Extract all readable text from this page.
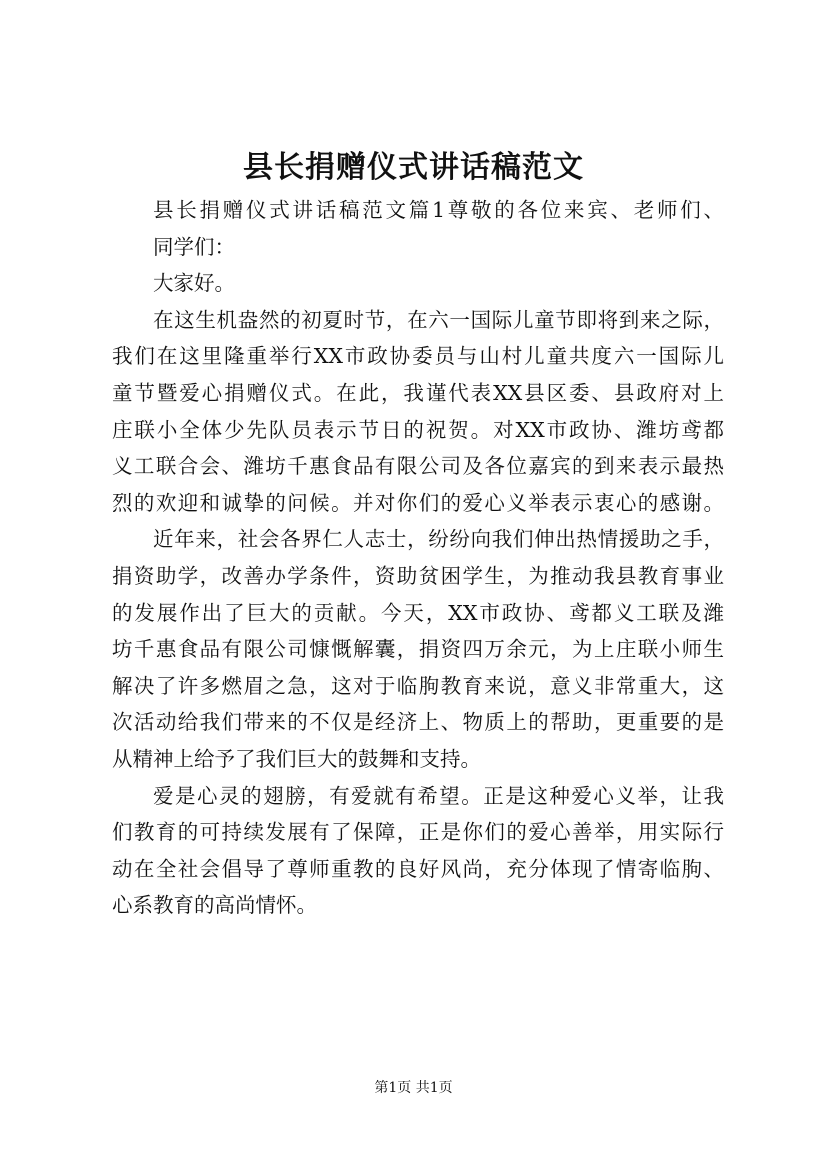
县长捐赠仪式讲话稿范文
县长捐赠仪式讲话稿范文篇1尊敬的各位来宾、老师们、
同学们：
大家好。
在这生机盎然的初夏时节，在六一国际儿童节即将到来之际，
我们在这里隆重举行XX市政协委员与山村儿童共度六一国际儿
童节暨爱心捐赠仪式。在此，我谨代表XX县区委、县政府对上
庄联小全体少先队员表示节日的祝贺。对XX市政协、潍坊鸢都
义工联合会、潍坊千惠食品有限公司及各位嘉宾的到来表示最热
烈的欢迎和诚挚的问候。并对你们的爱心义举表示衷心的感谢。
近年来，社会各界仁人志士，纷纷向我们伸出热情援助之手，
捐资助学，改善办学条件，资助贫困学生，为推动我县教育事业
的发展作出了巨大的贡献。今天，XX市政协、鸢都义工联及潍
坊千惠食品有限公司慷慨解囊，捐资四万余元，为上庄联小师生
解决了许多燃眉之急，这对于临朐教育来说，意义非常重大，这
次活动给我们带来的不仅是经济上、物质上的帮助，更重要的是
从精神上给予了我们巨大的鼓舞和支持。
爱是心灵的翅膀，有爱就有希望。正是这种爱心义举，让我
们教育的可持续发展有了保障，正是你们的爱心善举，用实际行
动在全社会倡导了尊师重教的良好风尚，充分体现了情寄临朐、
心系教育的高尚情怀。
第1页 共1页
